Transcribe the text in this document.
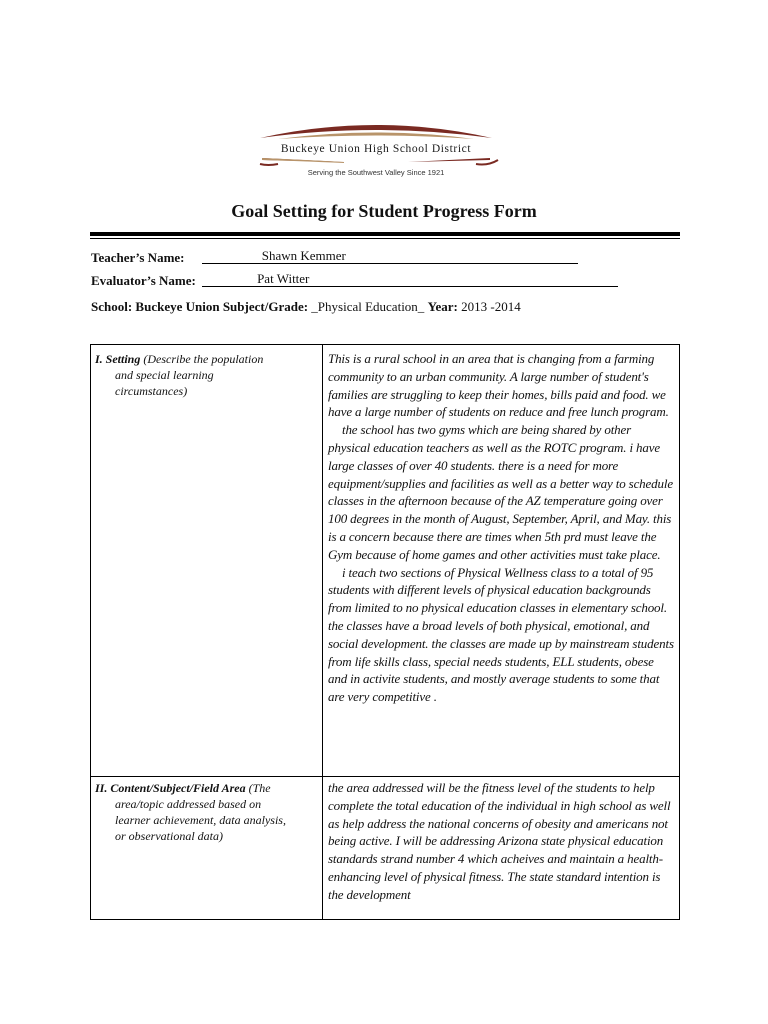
Buckeye Union High School District
Serving the Southwest Valley Since 1921
Goal Setting for Student Progress Form
Teacher’s Name:	Shawn Kemmer
Evaluator’s Name:	Pat Witter
School: Buckeye Union Subject/Grade: _Physical Education_ Year: 2013 -2014
I. Setting (Describe the population
and special learning
circumstances)

This is a rural school in an area that is changing from a farming community to an urban community. A large number of student's families are struggling to keep their homes, bills paid and food. we have a large number of students on reduce and free lunch program.

the school has two gyms which are being shared by other physical education teachers as well as the ROTC program. i have large classes of over 40 students. there is a need for more equipment/supplies and facilities as well as a better way to schedule classes in the afternoon because of the AZ temperature going over 100 degrees in the month of August, September, April, and May. this is a concern because there are times when 5th prd must leave the Gym because of home games and other activities must take place.

i teach two sections of Physical Wellness class to a total of 95 students with different levels of physical education backgrounds from limited to no physical education classes in elementary school. the classes have a broad levels of both physical, emotional, and social development. the classes are made up by mainstream students from life skills class, special needs students, ELL students, obese and in activite students, and mostly average students to some that are very competitive .

II. Content/Subject/Field Area (The
area/topic addressed based on
learner achievement, data analysis,
or observational data)

the area addressed will be the fitness level of the students to help complete the total education of the individual in high school as well as help address the national concerns of obesity and americans not being active. I will be addressing Arizona state physical education standards strand number 4 which acheives and maintain a health-enhancing level of physical fitness. The state standard intention is the development
